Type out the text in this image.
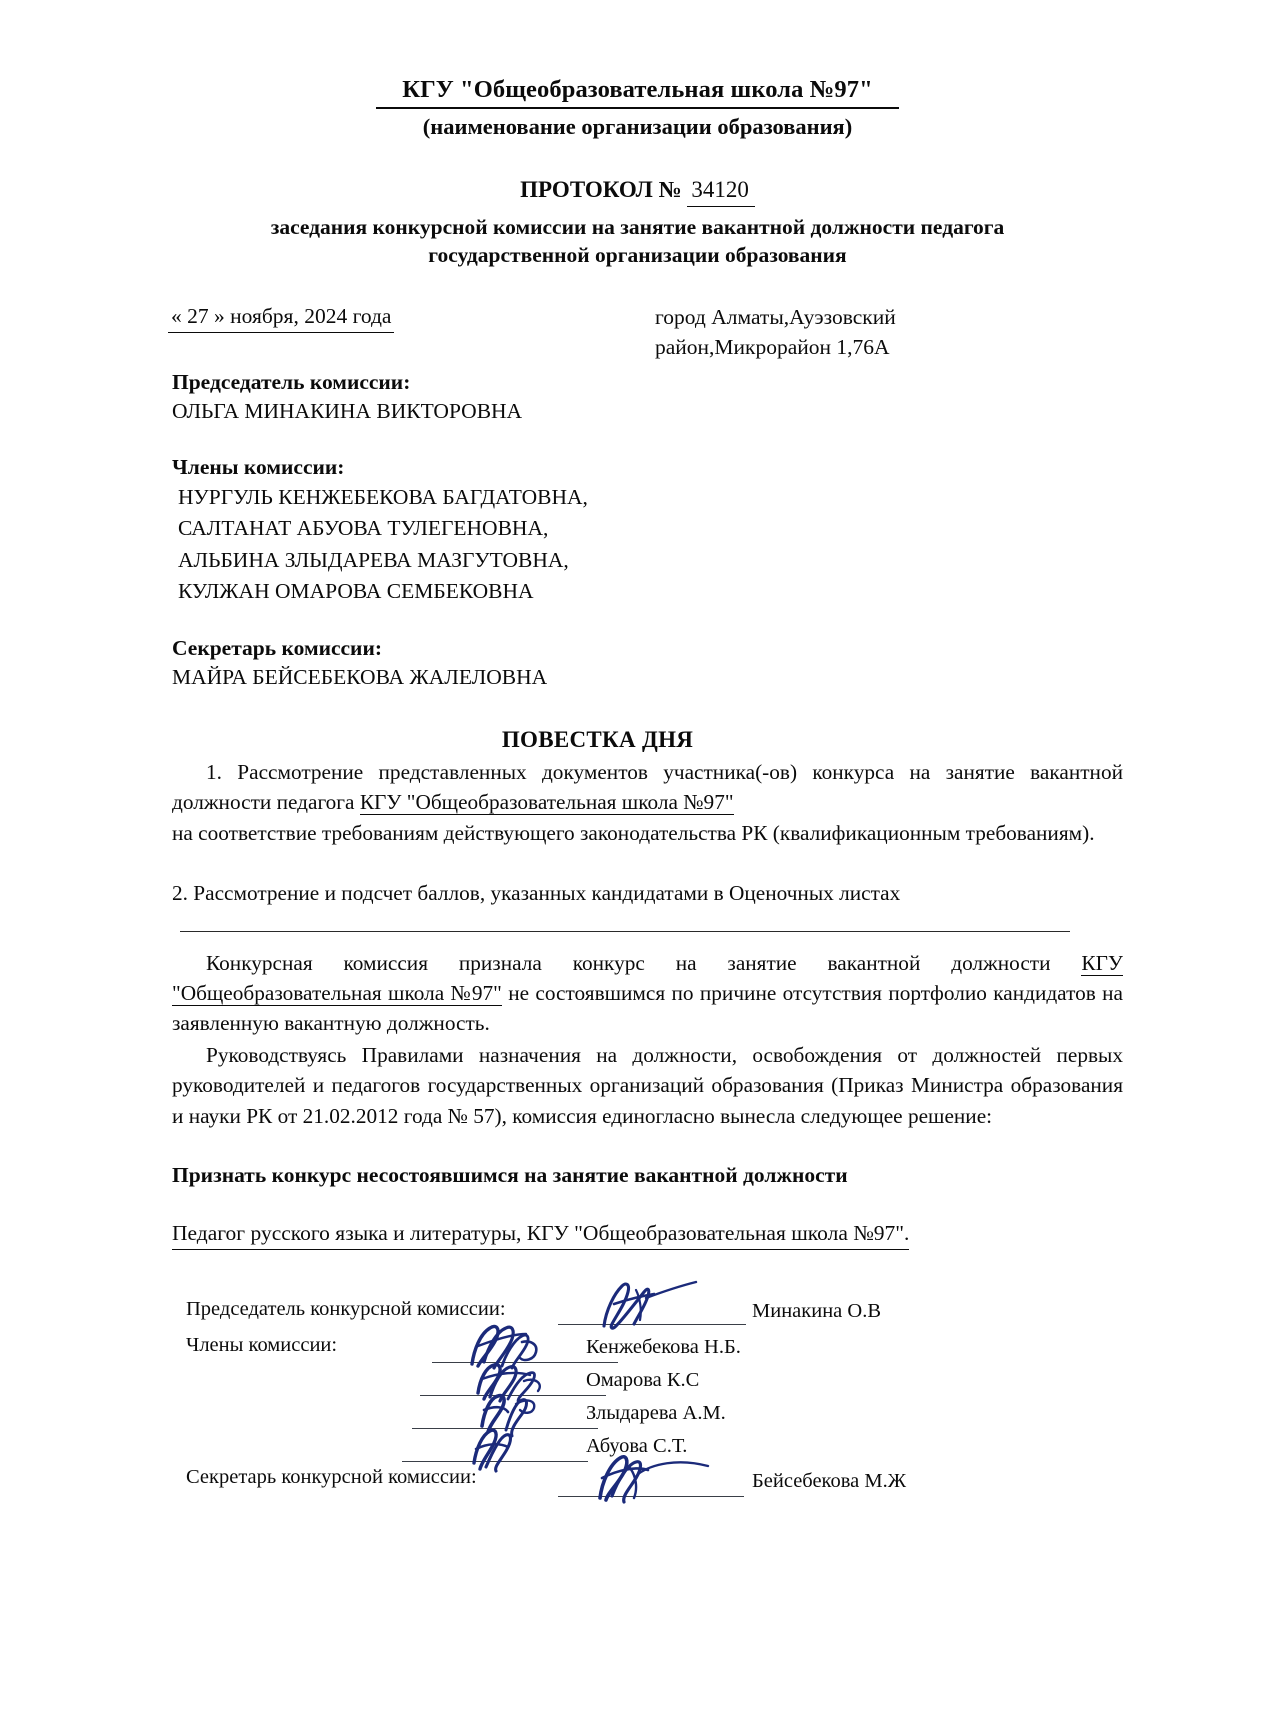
КГУ "Общеобразовательная школа №97"
(наименование организации образования)
ПРОТОКОЛ № 34120
заседания конкурсной комиссии на занятие вакантной должности педагога
государственной организации образования
« 27 » ноября, 2024 года	город Алматы,Ауэзовский
район,Микрорайон 1,76А
Председатель комиссии:
ОЛЬГА МИНАКИНА ВИКТОРОВНА
Члены комиссии:
НУРГУЛЬ КЕНЖЕБЕКОВА БАГДАТОВНА,
САЛТАНАТ АБУОВА ТУЛЕГЕНОВНА,
АЛЬБИНА ЗЛЫДАРЕВА МАЗГУТОВНА,
КУЛЖАН ОМАРОВА СЕМБЕКОВНА
Секретарь комиссии:
МАЙРА БЕЙСЕБЕКОВА ЖАЛЕЛОВНА
ПОВЕСТКА ДНЯ
1. Рассмотрение представленных документов участника(-ов) конкурса на занятие вакантной должности педагога КГУ "Общеобразовательная школа №97"
на соответствие требованиям действующего законодательства РК (квалификационным требованиям).
2. Рассмотрение и подсчет баллов, указанных кандидатами в Оценочных листах
Конкурсная комиссия признала конкурс на занятие вакантной должности КГУ "Общеобразовательная школа №97" не состоявшимся по причине отсутствия портфолио кандидатов на заявленную вакантную должность.
Руководствуясь Правилами назначения на должности, освобождения от должностей первых руководителей и педагогов государственных организаций образования (Приказ Министра образования и науки РК от 21.02.2012 года № 57), комиссия единогласно вынесла следующее решение:
Признать конкурс несостоявшимся на занятие вакантной должности
Педагог русского языка и литературы, КГУ "Общеобразовательная школа №97".
Председатель конкурсной комиссии:	Минакина О.В
Члены комиссии:	Кенжебекова Н.Б.
Омарова К.С
Злыдарева А.М.
Абуова С.Т.
Секретарь конкурсной комиссии:	Бейсебекова М.Ж
